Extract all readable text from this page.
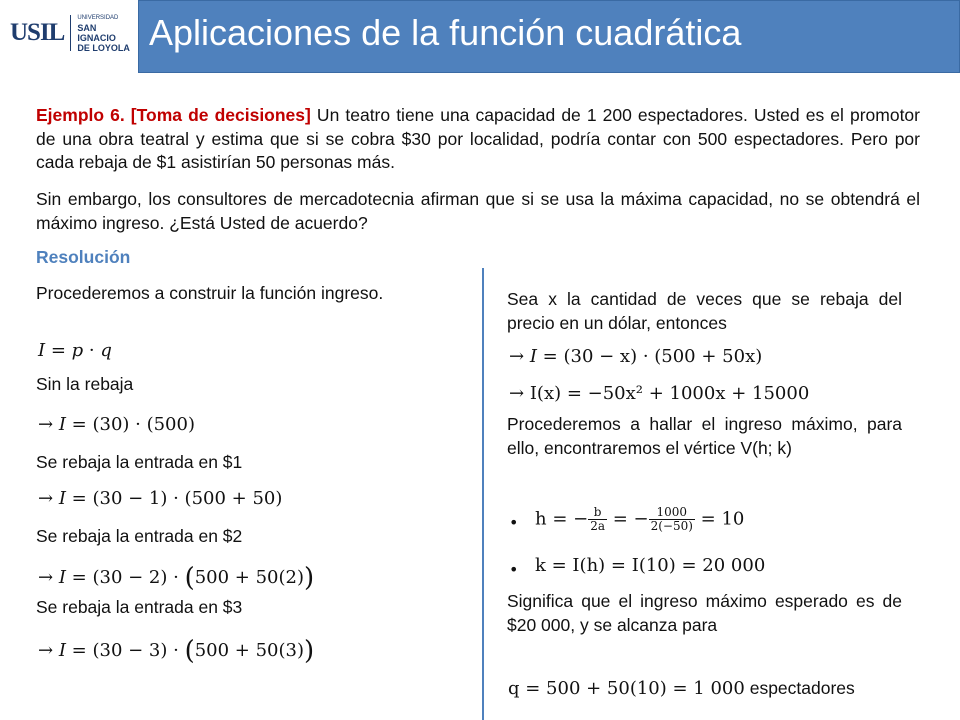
USIL
UNIVERSIDAD
SAN IGNACIO
DE LOYOLA Aplicaciones de la función cuadrática

Ejemplo 6. [Toma de decisiones] Un teatro tiene una capacidad de 1 200 espectadores. Usted es el promotor de una obra teatral y estima que si se cobra $30 por localidad, podría contar con 500 espectadores. Pero por cada rebaja de $1 asistirían 50 personas más.

Sin embargo, los consultores de mercadotecnia afirman que si se usa la máxima capacidad, no se obtendrá el máximo ingreso. ¿Está Usted de acuerdo?

Resolución

Procederemos a construir la función ingreso.

I = p · q
Sin la rebaja
→ I = (30) · (500)
Se rebaja la entrada en $1
→ I = (30 − 1) · (500 + 50)
Se rebaja la entrada en $2
→ I = (30 − 2) · (500 + 50(2))
Se rebaja la entrada en $3
→ I = (30 − 3) · (500 + 50(3))

Sea x la cantidad de veces que se rebaja del precio en un dólar, entonces

→ I = (30 − x) · (500 + 50x)
→ I(x) = −50x² + 1000x + 15000

Procederemos a hallar el ingreso máximo, para ello, encontraremos el vértice V(h; k)

• h = − $\frac{b}{2a}$ = − $\frac{1000}{2(-50)} = 10$
• k = I(h) = I(10) = 20 000

Significa que el ingreso máximo esperado es de $20 000, y se alcanza para

q = 500 + 50(10) = 1 000 espectadores
